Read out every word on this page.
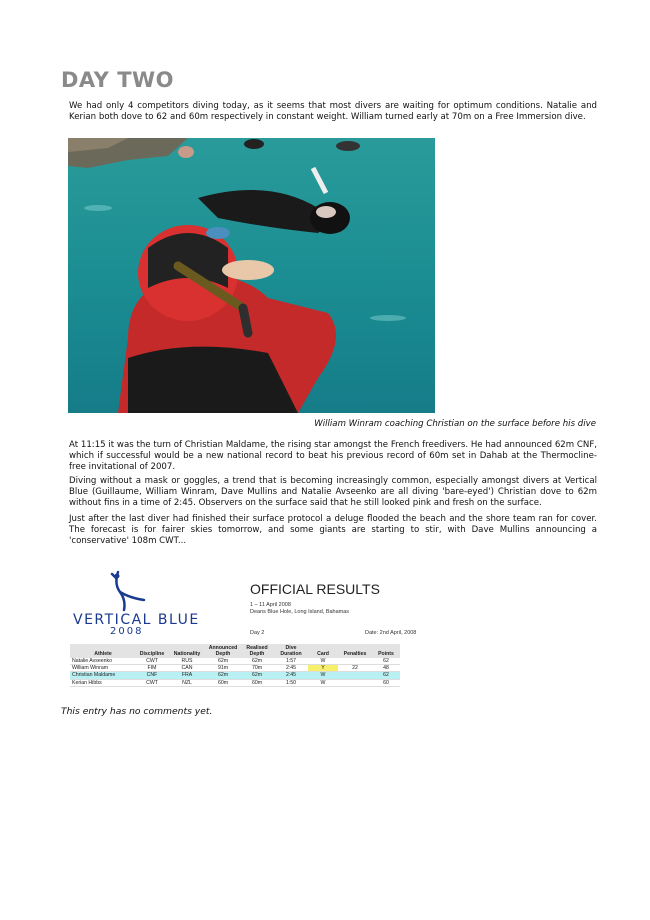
DAY TWO
We had only 4 competitors diving today, as it seems that most divers are waiting for optimum conditions. Natalie and Kerian both dove to 62 and 60m respectively in constant weight. William turned early at 70m on a Free Immersion dive.
William Winram coaching Christian on the surface before his dive
At 11:15 it was the turn of Christian Maldame, the rising star amongst the French freedivers. He had announced 62m CNF, which if successful would be a new national record to beat his previous record of 60m set in Dahab at the Thermocline-free invitational of 2007.
Diving without a mask or goggles, a trend that is becoming increasingly common, especially amongst divers at Vertical Blue (Guillaume, William Winram, Dave Mullins and Natalie Avseenko are all diving 'bare-eyed') Christian dove to 62m without fins in a time of 2:45. Observers on the surface said that he still looked pink and fresh on the surface.
Just after the last diver had finished their surface protocol a deluge flooded the beach and the shore team ran for cover. The forecast is for fairer skies tomorrow, and some giants are starting to stir, with Dave Mullins announcing a 'conservative' 108m CWT...
VERTICAL BLUE
2008
OFFICIAL RESULTS
1 – 11 April 2008
Deans Blue Hole, Long Island, Bahamas
Day 2	Date: 2nd April, 2008
Athlete	Discipline	Nationality	Announced Depth	Realised Depth	Dive Duration	Card	Penalties	Points
Natalie Avseenko	CWT	RUS	62m	62m	1:57	W		62
William Winram	FIM	CAN	91m	70m	2:45	Y	22	48
Christian Maldame	CNF	FRA	62m	62m	2:45	W		62
Kerian Hibbs	CWT	NZL	60m	60m	1:50	W		60
This entry has no comments yet.
